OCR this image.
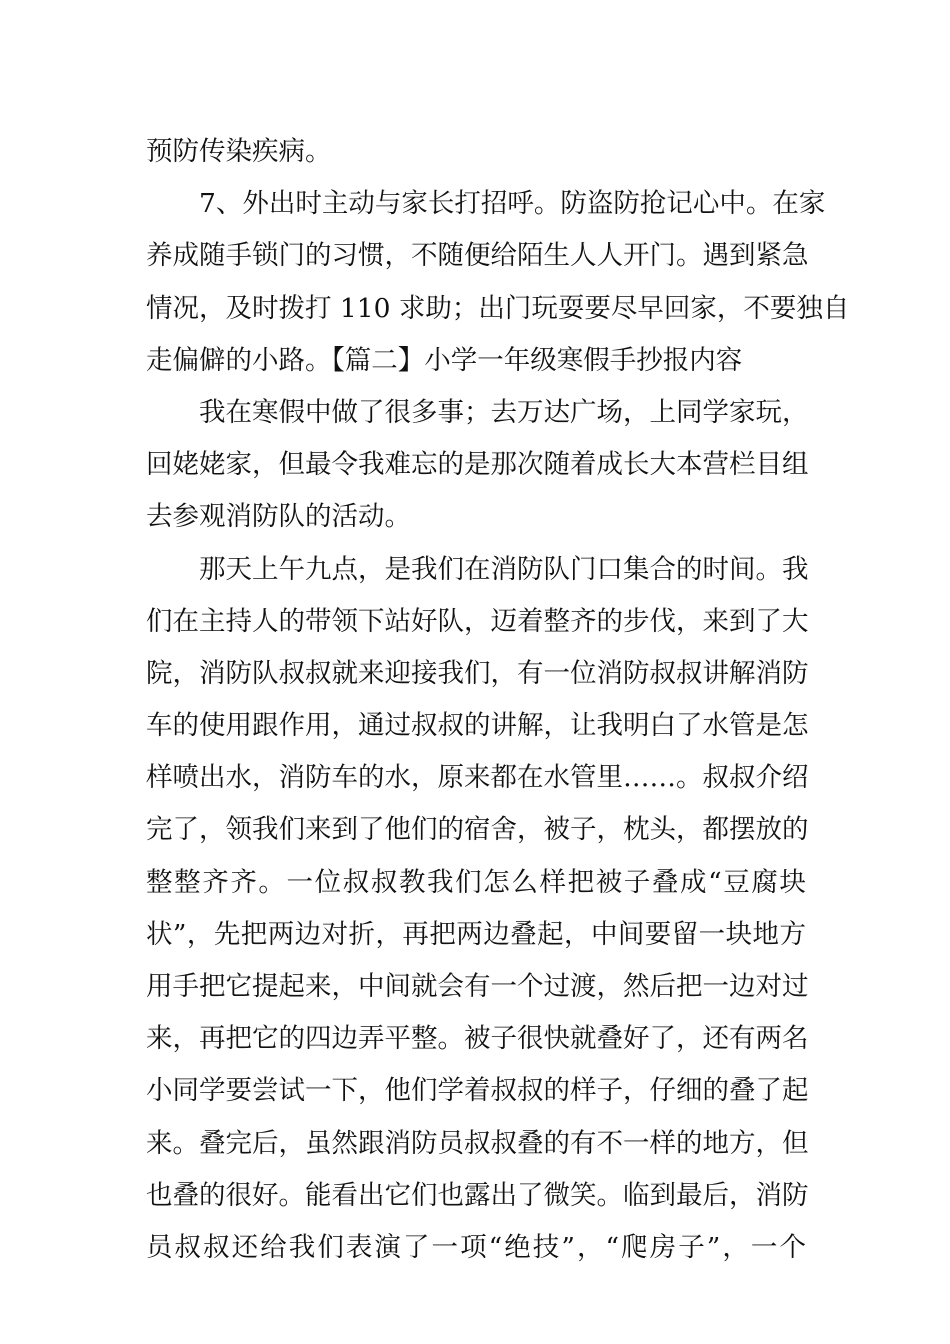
预防传染疾病。
　　7、外出时主动与家长打招呼。防盗防抢记心中。在家
养成随手锁门的习惯，不随便给陌生人人开门。遇到紧急
情况，及时拨打 110 求助；出门玩耍要尽早回家，不要独自
走偏僻的小路。【篇二】小学一年级寒假手抄报内容
　　我在寒假中做了很多事；去万达广场，上同学家玩，
回姥姥家，但最令我难忘的是那次随着成长大本营栏目组
去参观消防队的活动。
　　那天上午九点，是我们在消防队门口集合的时间。我
们在主持人的带领下站好队，迈着整齐的步伐，来到了大
院，消防队叔叔就来迎接我们，有一位消防叔叔讲解消防
车的使用跟作用，通过叔叔的讲解，让我明白了水管是怎
样喷出水，消防车的水，原来都在水管里……。叔叔介绍
完了，领我们来到了他们的宿舍，被子，枕头，都摆放的
整整齐齐。一位叔叔教我们怎么样把被子叠成“豆腐块
状”，先把两边对折，再把两边叠起，中间要留一块地方
用手把它提起来，中间就会有一个过渡，然后把一边对过
来，再把它的四边弄平整。被子很快就叠好了，还有两名
小同学要尝试一下，他们学着叔叔的样子，仔细的叠了起
来。叠完后，虽然跟消防员叔叔叠的有不一样的地方，但
也叠的很好。能看出它们也露出了微笑。临到最后，消防
员叔叔还给我们表演了一项“绝技”，“爬房子”，一个
